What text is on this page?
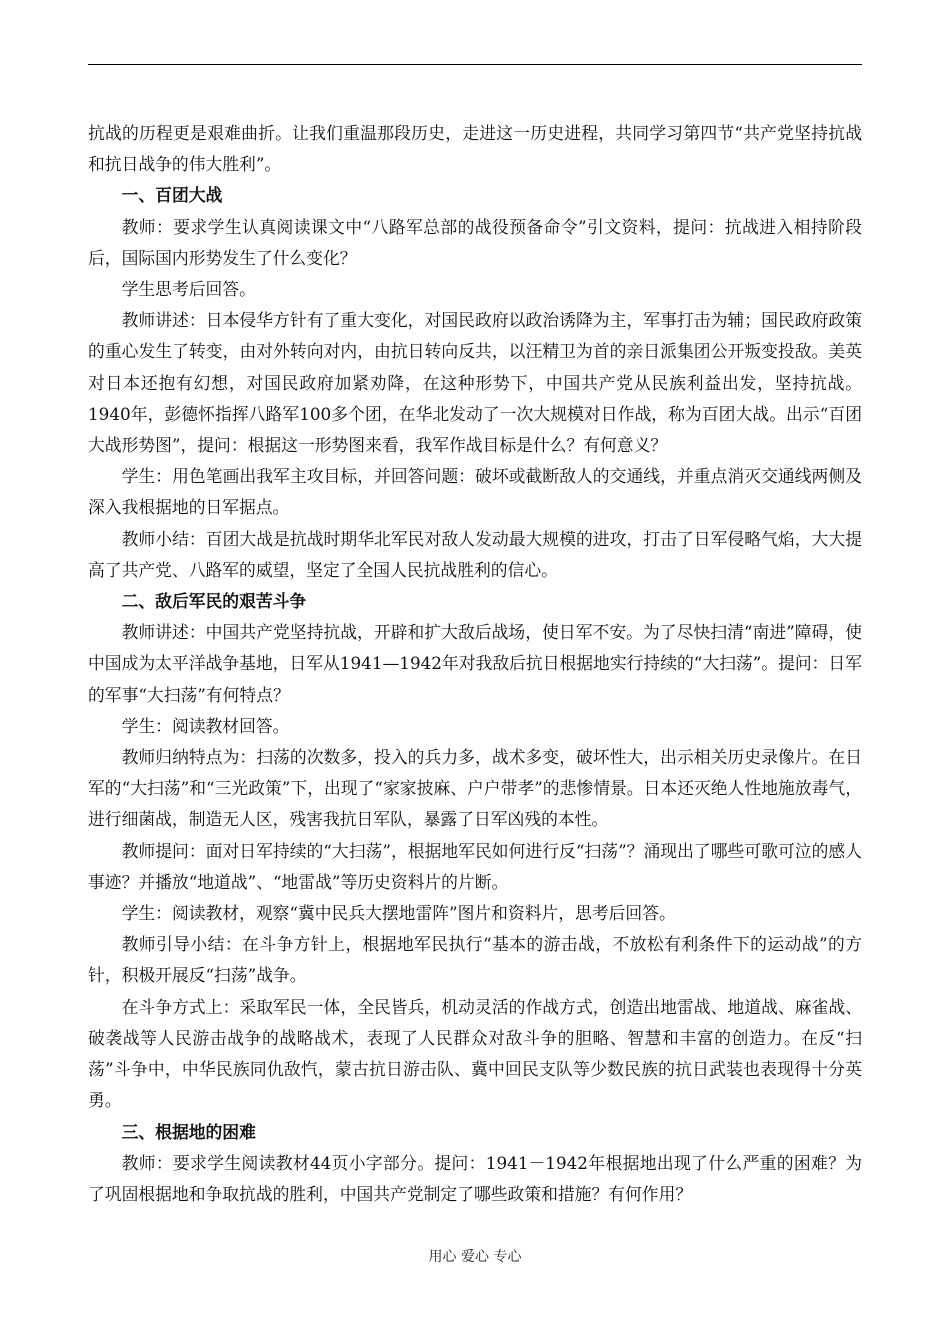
抗战的历程更是艰难曲折。让我们重温那段历史，走进这一历史进程，共同学习第四节“共产党坚持抗战和抗日战争的伟大胜利”。

一、百团大战

教师：要求学生认真阅读课文中“八路军总部的战役预备命令”引文资料，提问：抗战进入相持阶段后，国际国内形势发生了什么变化？

学生思考后回答。

教师讲述：日本侵华方针有了重大变化，对国民政府以政治诱降为主，军事打击为辅；国民政府政策的重心发生了转变，由对外转向对内，由抗日转向反共，以汪精卫为首的亲日派集团公开叛变投敌。美英对日本还抱有幻想，对国民政府加紧劝降，在这种形势下，中国共产党从民族利益出发，坚持抗战。1940年，彭德怀指挥八路军100多个团，在华北发动了一次大规模对日作战，称为百团大战。出示“百团大战形势图”，提问：根据这一形势图来看，我军作战目标是什么？有何意义？

学生：用色笔画出我军主攻目标，并回答问题：破坏或截断敌人的交通线，并重点消灭交通线两侧及深入我根据地的日军据点。

教师小结：百团大战是抗战时期华北军民对敌人发动最大规模的进攻，打击了日军侵略气焰，大大提高了共产党、八路军的威望，坚定了全国人民抗战胜利的信心。

二、敌后军民的艰苦斗争

教师讲述：中国共产党坚持抗战，开辟和扩大敌后战场，使日军不安。为了尽快扫清“南进”障碍，使中国成为太平洋战争基地，日军从1941—1942年对我敌后抗日根据地实行持续的“大扫荡”。提问：日军的军事“大扫荡”有何特点？

学生：阅读教材回答。

教师归纳特点为：扫荡的次数多，投入的兵力多，战术多变，破坏性大，出示相关历史录像片。在日军的“大扫荡”和“三光政策”下，出现了“家家披麻、户户带孝”的悲惨情景。日本还灭绝人性地施放毒气，进行细菌战，制造无人区，残害我抗日军队，暴露了日军凶残的本性。

教师提问：面对日军持续的“大扫荡”，根据地军民如何进行反“扫荡”？涌现出了哪些可歌可泣的感人事迹？并播放“地道战”、“地雷战”等历史资料片的片断。

学生：阅读教材，观察“冀中民兵大摆地雷阵”图片和资料片，思考后回答。

教师引导小结：在斗争方针上，根据地军民执行“基本的游击战，不放松有利条件下的运动战”的方针，积极开展反“扫荡”战争。

在斗争方式上：采取军民一体，全民皆兵，机动灵活的作战方式，创造出地雷战、地道战、麻雀战、破袭战等人民游击战争的战略战术，表现了人民群众对敌斗争的胆略、智慧和丰富的创造力。在反“扫荡”斗争中，中华民族同仇敌忾，蒙古抗日游击队、冀中回民支队等少数民族的抗日武装也表现得十分英勇。

三、根据地的困难

教师：要求学生阅读教材44页小字部分。提问：1941－1942年根据地出现了什么严重的困难？为了巩固根据地和争取抗战的胜利，中国共产党制定了哪些政策和措施？有何作用？

用心 爱心 专心
